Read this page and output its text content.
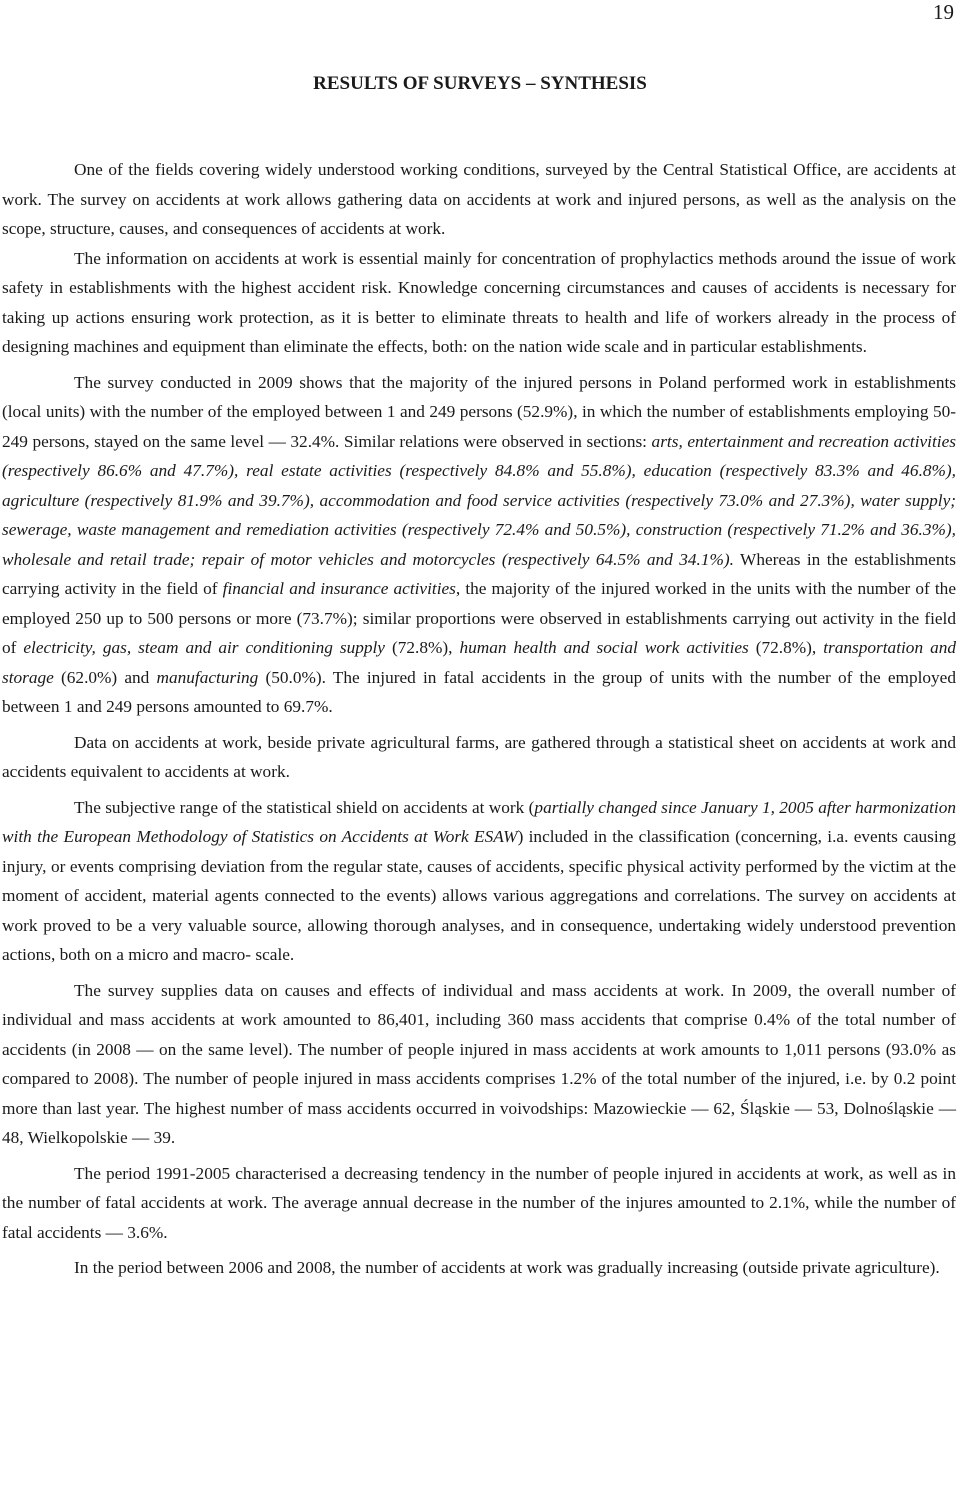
19
RESULTS OF SURVEYS – SYNTHESIS

One of the fields covering widely understood working conditions, surveyed by the Central Statistical Office, are accidents at work. The survey on accidents at work allows gathering data on accidents at work and injured persons, as well as the analysis on the scope, structure, causes, and consequences of accidents at work.

The information on accidents at work is essential mainly for concentration of prophylactics methods around the issue of work safety in establishments with the highest accident risk. Knowledge concerning circumstances and causes of accidents is necessary for taking up actions ensuring work protection, as it is better to eliminate threats to health and life of workers already in the process of designing machines and equipment than eliminate the effects, both: on the nation wide scale and in particular establishments.

The survey conducted in 2009 shows that the majority of the injured persons in Poland performed work in establishments (local units) with the number of the employed between 1 and 249 persons (52.9%), in which the number of establishments employing 50-249 persons, stayed on the same level — 32.4%. Similar relations were observed in sections: arts, entertainment and recreation activities (respectively 86.6% and 47.7%), real estate activities (respectively 84.8% and 55.8%), education (respectively 83.3% and 46.8%), agriculture (respectively 81.9% and 39.7%), accommodation and food service activities (respectively 73.0% and 27.3%), water supply; sewerage, waste management and remediation activities (respectively 72.4% and 50.5%), construction (respectively 71.2% and 36.3%), wholesale and retail trade; repair of motor vehicles and motorcycles (respectively 64.5% and 34.1%). Whereas in the establishments carrying activity in the field of financial and insurance activities, the majority of the injured worked in the units with the number of the employed 250 up to 500 persons or more (73.7%); similar proportions were observed in establishments carrying out activity in the field of electricity, gas, steam and air conditioning supply (72.8%), human health and social work activities (72.8%), transportation and storage (62.0%) and manufacturing (50.0%). The injured in fatal accidents in the group of units with the number of the employed between 1 and 249 persons amounted to 69.7%.

Data on accidents at work, beside private agricultural farms, are gathered through a statistical sheet on accidents at work and accidents equivalent to accidents at work.

The subjective range of the statistical shield on accidents at work (partially changed since January 1, 2005 after harmonization with the European Methodology of Statistics on Accidents at Work ESAW) included in the classification (concerning, i.a. events causing injury, or events comprising deviation from the regular state, causes of accidents, specific physical activity performed by the victim at the moment of accident, material agents connected to the events) allows various aggregations and correlations. The survey on accidents at work proved to be a very valuable source, allowing thorough analyses, and in consequence, undertaking widely understood prevention actions, both on a micro and macro- scale.

The survey supplies data on causes and effects of individual and mass accidents at work. In 2009, the overall number of individual and mass accidents at work amounted to 86,401, including 360 mass accidents that comprise 0.4% of the total number of accidents (in 2008 — on the same level). The number of people injured in mass accidents at work amounts to 1,011 persons (93.0% as compared to 2008). The number of people injured in mass accidents comprises 1.2% of the total number of the injured, i.e. by 0.2 point more than last year. The highest number of mass accidents occurred in voivodships: Mazowieckie — 62, Śląskie — 53, Dolnośląskie — 48, Wielkopolskie — 39.

The period 1991-2005 characterised a decreasing tendency in the number of people injured in accidents at work, as well as in the number of fatal accidents at work. The average annual decrease in the number of the injures amounted to 2.1%, while the number of fatal accidents — 3.6%.

In the period between 2006 and 2008, the number of accidents at work was gradually increasing (outside private agriculture).
